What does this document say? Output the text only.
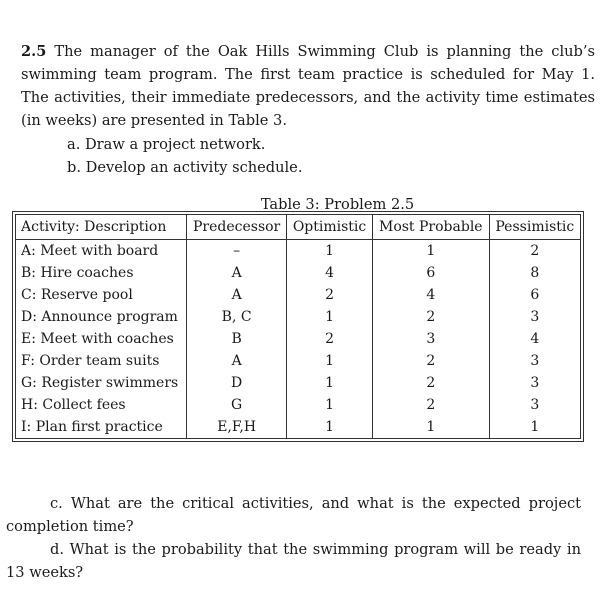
2.5 The manager of the Oak Hills Swimming Club is planning the club’s swimming team program. The first team practice is scheduled for May 1. The activities, their immediate predecessors, and the activity time estimates (in weeks) are presented in Table 3.
a. Draw a project network.
b. Develop an activity schedule.
Table 3: Problem 2.5
Activity: Description	Predecessor	Optimistic	Most Probable	Pessimistic
A: Meet with board	–	1	1	2
B: Hire coaches	A	4	6	8
C: Reserve pool	A	2	4	6
D: Announce program	B, C	1	2	3
E: Meet with coaches	B	2	3	4
F: Order team suits	A	1	2	3
G: Register swimmers	D	1	2	3
H: Collect fees	G	1	2	3
I: Plan first practice	E,F,H	1	1	1
c. What are the critical activities, and what is the expected project completion time?
d. What is the probability that the swimming program will be ready in 13 weeks?
